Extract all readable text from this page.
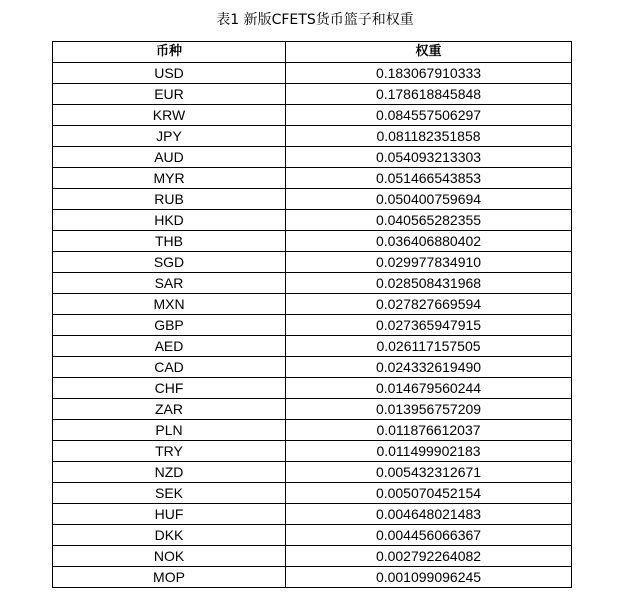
表1 新版CFETS货币篮子和权重
币种	权重
USD	0.183067910333
EUR	0.178618845848
KRW	0.084557506297
JPY	0.081182351858
AUD	0.054093213303
MYR	0.051466543853
RUB	0.050400759694
HKD	0.040565282355
THB	0.036406880402
SGD	0.029977834910
SAR	0.028508431968
MXN	0.027827669594
GBP	0.027365947915
AED	0.026117157505
CAD	0.024332619490
CHF	0.014679560244
ZAR	0.013956757209
PLN	0.011876612037
TRY	0.011499902183
NZD	0.005432312671
SEK	0.005070452154
HUF	0.004648021483
DKK	0.004456066367
NOK	0.002792264082
MOP	0.001099096245
